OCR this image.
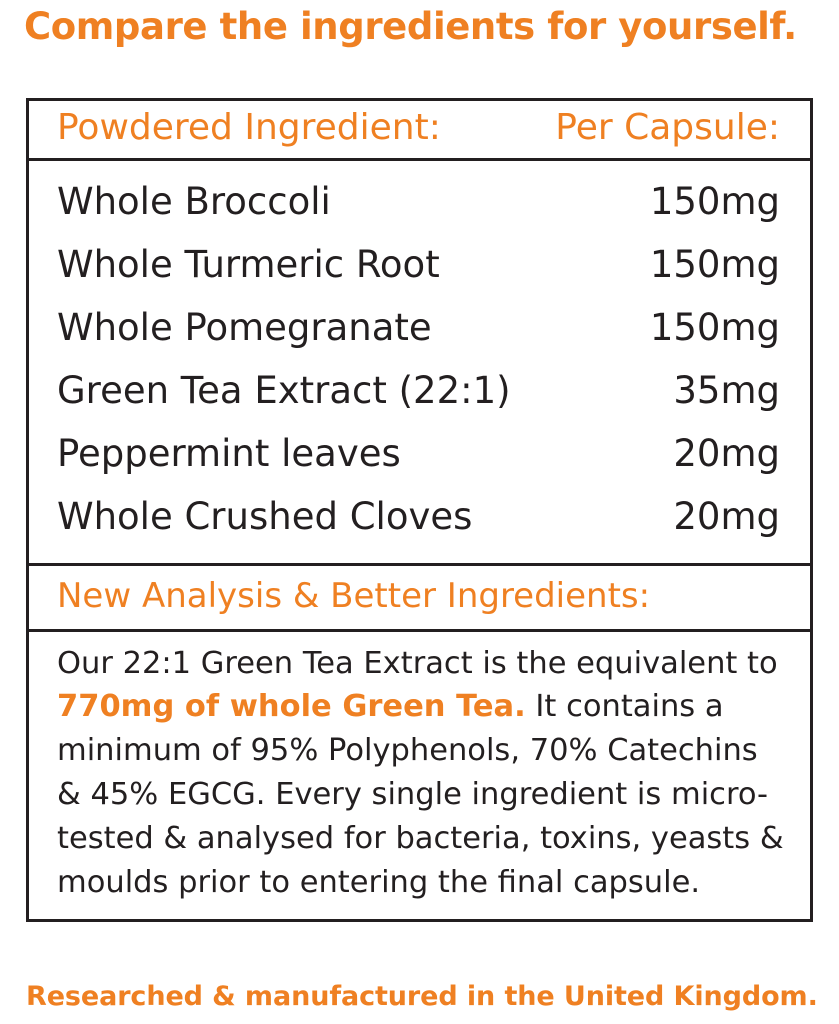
Compare the ingredients for yourself.
Powdered Ingredient:	Per Capsule:
Whole Broccoli	150mg
Whole Turmeric Root	150mg
Whole Pomegranate	150mg
Green Tea Extract (22:1)	35mg
Peppermint leaves	20mg
Whole Crushed Cloves	20mg
New Analysis & Better Ingredients:
Our 22:1 Green Tea Extract is the equivalent to 770mg of whole Green Tea. It contains a minimum of 95% Polyphenols, 70% Catechins & 45% EGCG. Every single ingredient is micro-tested & analysed for bacteria, toxins, yeasts & moulds prior to entering the final capsule.
Researched & manufactured in the United Kingdom.
